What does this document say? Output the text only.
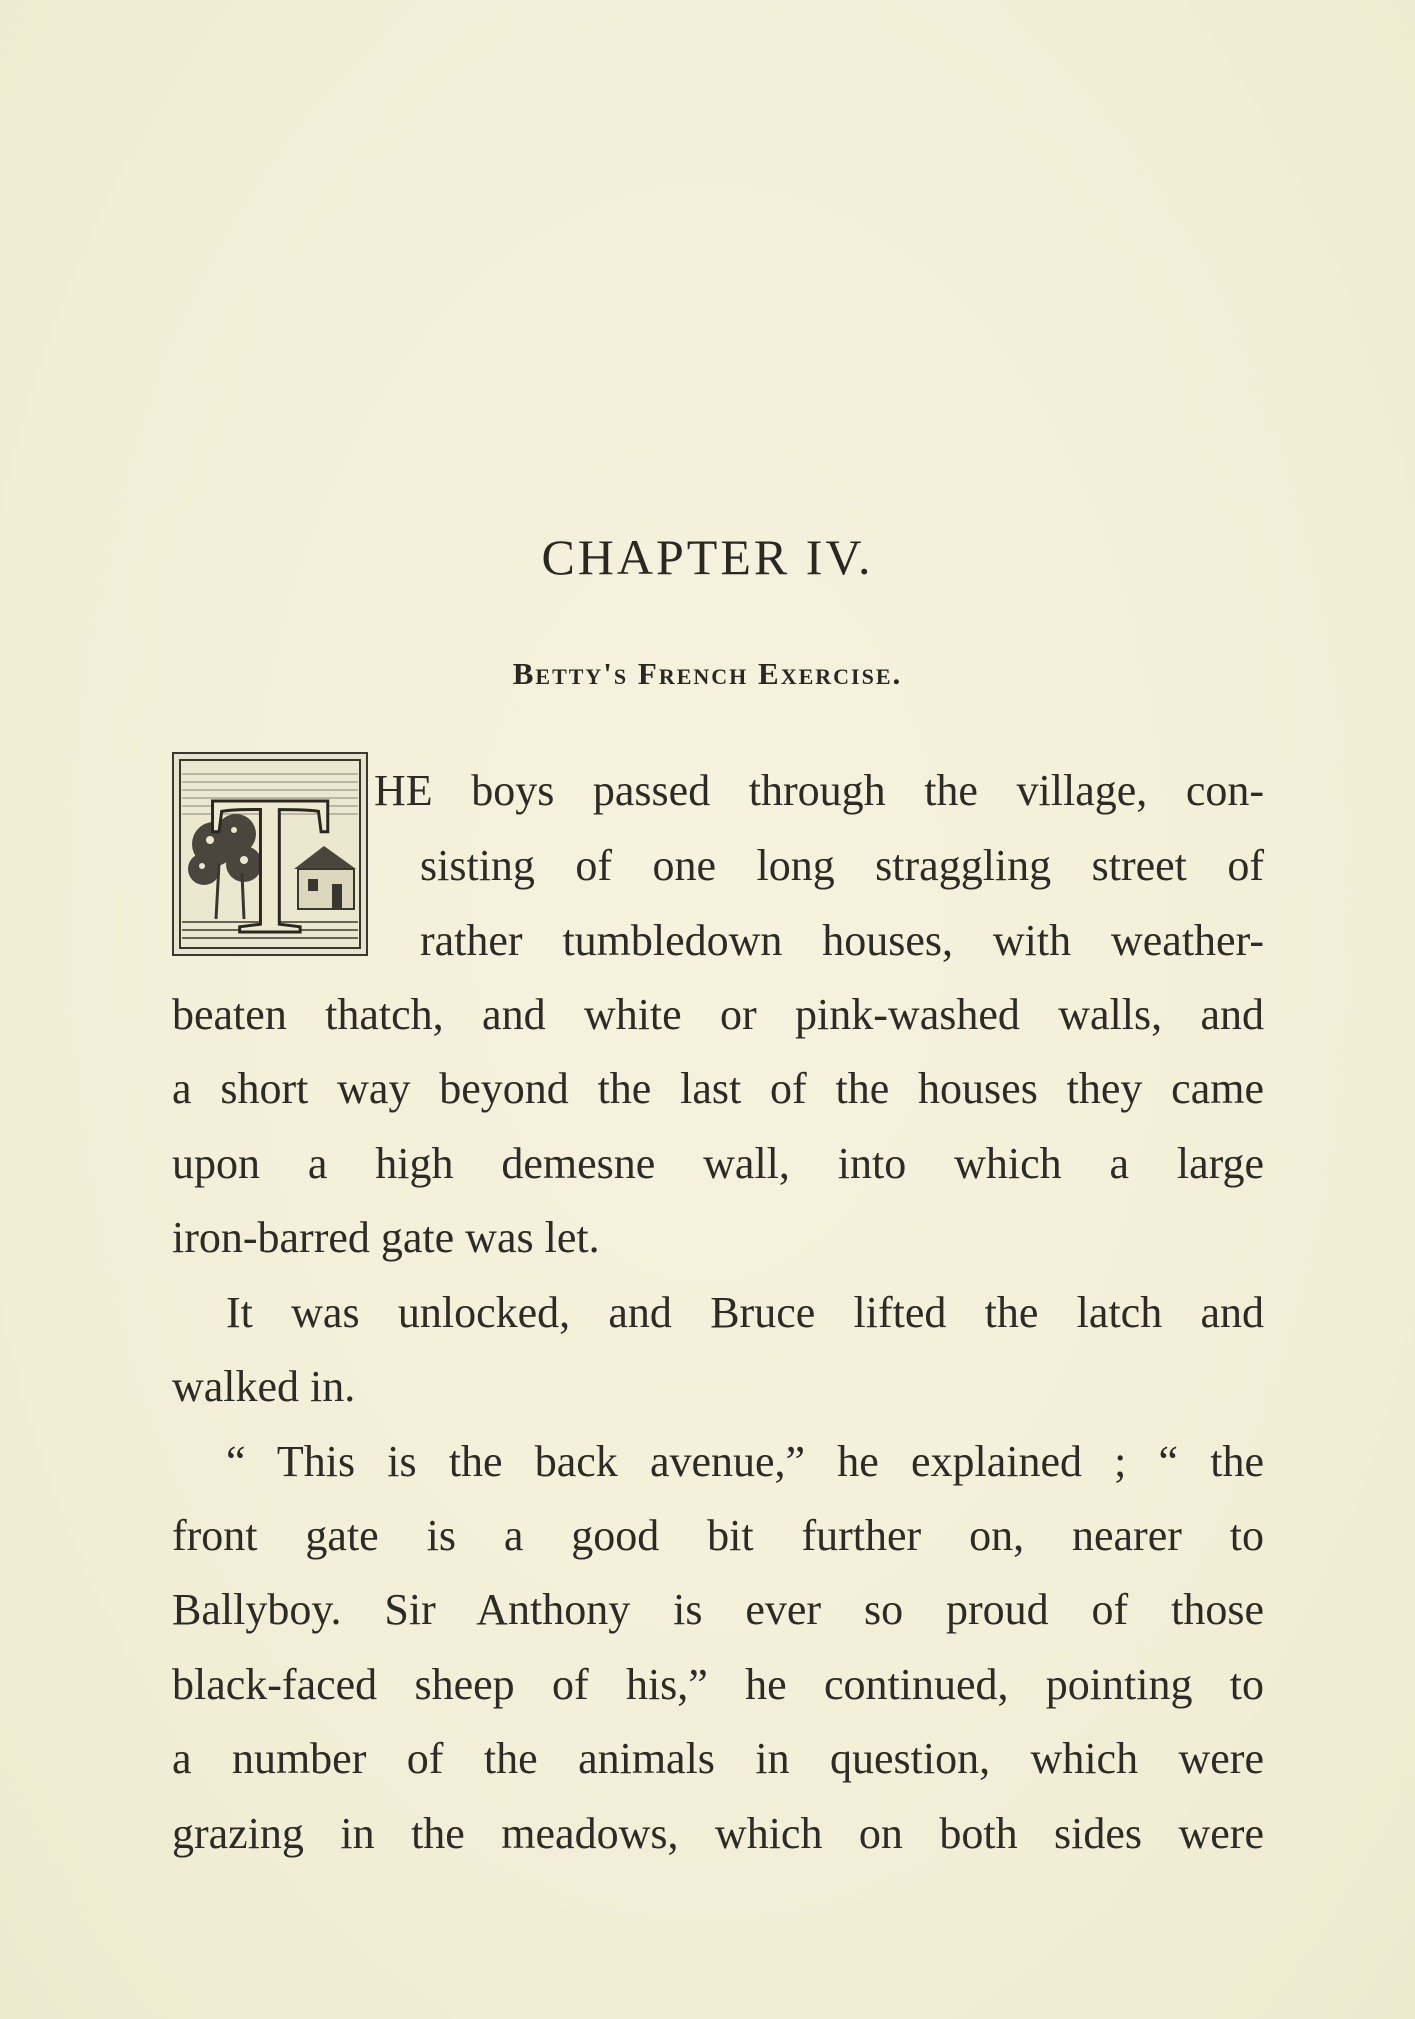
CHAPTER IV.
Betty's French Exercise.
T HE boys passed through the village, con-

sisting of one long straggling street of

rather tumbledown houses, with weather-

beaten thatch, and white or pink-washed walls, and

a short way beyond the last of the houses they came

upon a high demesne wall, into which a large

iron-barred gate was let.

It was unlocked, and Bruce lifted the latch and

walked in.

“ This is the back avenue,” he explained ; “ the

front gate is a good bit further on, nearer to

Ballyboy. Sir Anthony is ever so proud of those

black-faced sheep of his,” he continued, pointing to

a number of the animals in question, which were

grazing in the meadows, which on both sides were
